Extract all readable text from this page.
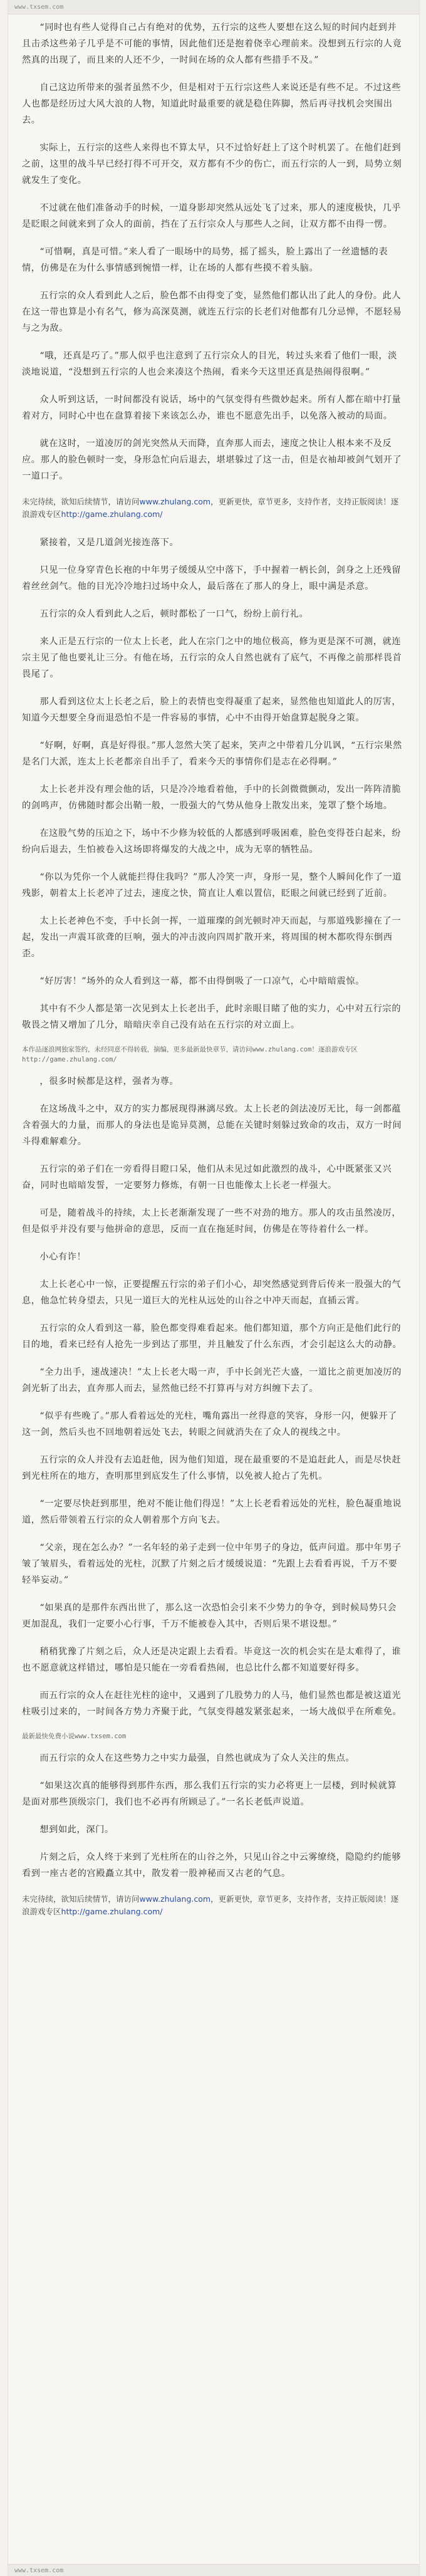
www.txsem.com

“同时也有些人觉得自己占有绝对的优势，五行宗的这些人要想在这么短的时间内赶到并且击杀这些弟子几乎是不可能的事情，因此他们还是抱着侥幸心理前来。没想到五行宗的人竟然真的出现了，而且来的人还不少，一时间在场的众人都有些措手不及。”

自己这边所带来的强者虽然不少，但是相对于五行宗这些人来说还是有些不足。不过这些人也都是经历过大风大浪的人物，知道此时最重要的就是稳住阵脚，然后再寻找机会突围出去。

实际上，五行宗的这些人来得也不算太早，只不过恰好赶上了这个时机罢了。在他们赶到之前，这里的战斗早已经打得不可开交，双方都有不少的伤亡，而五行宗的人一到，局势立刻就发生了变化。

不过就在他们准备动手的时候，一道身影却突然从远处飞了过来，那人的速度极快，几乎是眨眼之间就来到了众人的面前，挡在了五行宗众人与那些人之间，让双方都不由得一愣。

“可惜啊，真是可惜。”来人看了一眼场中的局势，摇了摇头，脸上露出了一丝遗憾的表情，仿佛是在为什么事情感到惋惜一样，让在场的人都有些摸不着头脑。

五行宗的众人看到此人之后，脸色都不由得变了变，显然他们都认出了此人的身份。此人在这一带也算是小有名气，修为高深莫测，就连五行宗的长老们对他都有几分忌惮，不愿轻易与之为敌。

“哦，还真是巧了。”那人似乎也注意到了五行宗众人的目光，转过头来看了他们一眼，淡淡地说道，“没想到五行宗的人也会来凑这个热闹，看来今天这里还真是热闹得很啊。”

众人听到这话，一时间都没有说话，场中的气氛变得有些微妙起来。所有人都在暗中打量着对方，同时心中也在盘算着接下来该怎么办，谁也不愿意先出手，以免落入被动的局面。

就在这时，一道凌厉的剑光突然从天而降，直奔那人而去，速度之快让人根本来不及反应。那人的脸色顿时一变，身形急忙向后退去，堪堪躲过了这一击，但是衣袖却被剑气划开了一道口子。

未完待续，欲知后续情节，请访问www.zhulang.com，更新更快，章节更多，支持作者，支持正版阅读！逐浪游戏专区http://game.zhulang.com/

紧接着，又是几道剑光接连落下。

只见一位身穿青色长袍的中年男子缓缓从空中落下，手中握着一柄长剑，剑身之上还残留着丝丝剑气。他的目光冷冷地扫过场中众人，最后落在了那人的身上，眼中满是杀意。

五行宗的众人看到此人之后，顿时都松了一口气，纷纷上前行礼。

来人正是五行宗的一位太上长老，此人在宗门之中的地位极高，修为更是深不可测，就连宗主见了他也要礼让三分。有他在场，五行宗的众人自然也就有了底气，不再像之前那样畏首畏尾了。

那人看到这位太上长老之后，脸上的表情也变得凝重了起来，显然他也知道此人的厉害，知道今天想要全身而退恐怕不是一件容易的事情，心中不由得开始盘算起脱身之策。

“好啊，好啊，真是好得很。”那人忽然大笑了起来，笑声之中带着几分讥讽，“五行宗果然是名门大派，连太上长老都亲自出手了，看来今天的事情你们是志在必得啊。”

太上长老并没有理会他的话，只是冷冷地看着他，手中的长剑微微颤动，发出一阵阵清脆的剑鸣声，仿佛随时都会出鞘一般，一股强大的气势从他身上散发出来，笼罩了整个场地。

在这股气势的压迫之下，场中不少修为较低的人都感到呼吸困难，脸色变得苍白起来，纷纷向后退去，生怕被卷入这场即将爆发的大战之中，成为无辜的牺牲品。

“你以为凭你一个人就能拦得住我吗？”那人冷笑一声，身形一晃，整个人瞬间化作了一道残影，朝着太上长老冲了过去，速度之快，简直让人难以置信，眨眼之间就已经到了近前。

太上长老神色不变，手中长剑一挥，一道璀璨的剑光顿时冲天而起，与那道残影撞在了一起，发出一声震耳欲聋的巨响，强大的冲击波向四周扩散开来，将周围的树木都吹得东倒西歪。

“好厉害！”场外的众人看到这一幕，都不由得倒吸了一口凉气，心中暗暗震惊。

其中有不少人都是第一次见到太上长老出手，此时亲眼目睹了他的实力，心中对五行宗的敬畏之情又增加了几分，暗暗庆幸自己没有站在五行宗的对立面上。

本作品逐浪网独家签约，未经同意不得转载，摘编，更多最新最快章节，请访问www.zhulang.com！逐浪游戏专区http://game.zhulang.com/

，很多时候都是这样，强者为尊。

在这场战斗之中，双方的实力都展现得淋漓尽致。太上长老的剑法凌厉无比，每一剑都蕴含着强大的力量，而那人的身法也是诡异莫测，总能在关键时刻躲过致命的攻击，双方一时间斗得难解难分。

五行宗的弟子们在一旁看得目瞪口呆，他们从未见过如此激烈的战斗，心中既紧张又兴奋，同时也暗暗发誓，一定要努力修炼，有朝一日也能像太上长老一样强大。

可是，随着战斗的持续，太上长老渐渐发现了一些不对劲的地方。那人的攻击虽然凌厉，但是似乎并没有要与他拼命的意思，反而一直在拖延时间，仿佛是在等待着什么一样。

小心有诈！

太上长老心中一惊，正要提醒五行宗的弟子们小心，却突然感觉到背后传来一股强大的气息，他急忙转身望去，只见一道巨大的光柱从远处的山谷之中冲天而起，直插云霄。

五行宗的众人看到这一幕，脸色都变得难看起来。他们都知道，那个方向正是他们此行的目的地，看来已经有人抢先一步到达了那里，并且触发了什么东西，才会引起这么大的动静。

“全力出手，速战速决！”太上长老大喝一声，手中长剑光芒大盛，一道比之前更加凌厉的剑光斩了出去，直奔那人而去，显然他已经不打算再与对方纠缠下去了。

“似乎有些晚了。”那人看着远处的光柱，嘴角露出一丝得意的笑容，身形一闪，便躲开了这一剑，然后头也不回地朝着远处飞去，转眼之间就消失在了众人的视线之中。

五行宗的众人并没有去追赶他，因为他们知道，现在最重要的不是追赶此人，而是尽快赶到光柱所在的地方，查明那里到底发生了什么事情，以免被人抢占了先机。

“一定要尽快赶到那里，绝对不能让他们得逞！”太上长老看着远处的光柱，脸色凝重地说道，然后带领着五行宗的众人朝着那个方向飞去。

“父亲，现在怎么办？”一名年轻的弟子走到一位中年男子的身边，低声问道。那中年男子皱了皱眉头，看着远处的光柱，沉默了片刻之后才缓缓说道：“先跟上去看看再说，千万不要轻举妄动。”

“如果真的是那件东西出世了，那么这一次恐怕会引来不少势力的争夺，到时候局势只会更加混乱，我们一定要小心行事，千万不能被卷入其中，否则后果不堪设想。”

稍稍犹豫了片刻之后，众人还是决定跟上去看看。毕竟这一次的机会实在是太难得了，谁也不愿意就这样错过，哪怕是只能在一旁看看热闹，也总比什么都不知道要好得多。

而五行宗的众人在赶往光柱的途中，又遇到了几股势力的人马，他们显然也都是被这道光柱吸引过来的，一时间各方势力齐聚于此，气氛变得越发紧张起来，一场大战似乎在所难免。

最新最快免费小说www.txsem.com

而五行宗的众人在这些势力之中实力最强，自然也就成为了众人关注的焦点。

“如果这次真的能够得到那件东西，那么我们五行宗的实力必将更上一层楼，到时候就算是面对那些顶级宗门，我们也不必再有所顾忌了。”一名长老低声说道。

想到如此，深门。

片刻之后，众人终于来到了光柱所在的山谷之外，只见山谷之中云雾缭绕，隐隐约约能够看到一座古老的宫殿矗立其中，散发着一股神秘而又古老的气息。

未完待续，欲知后续情节，请访问www.zhulang.com，更新更快，章节更多，支持作者，支持正版阅读！逐浪游戏专区http://game.zhulang.com/
www.txsem.com
